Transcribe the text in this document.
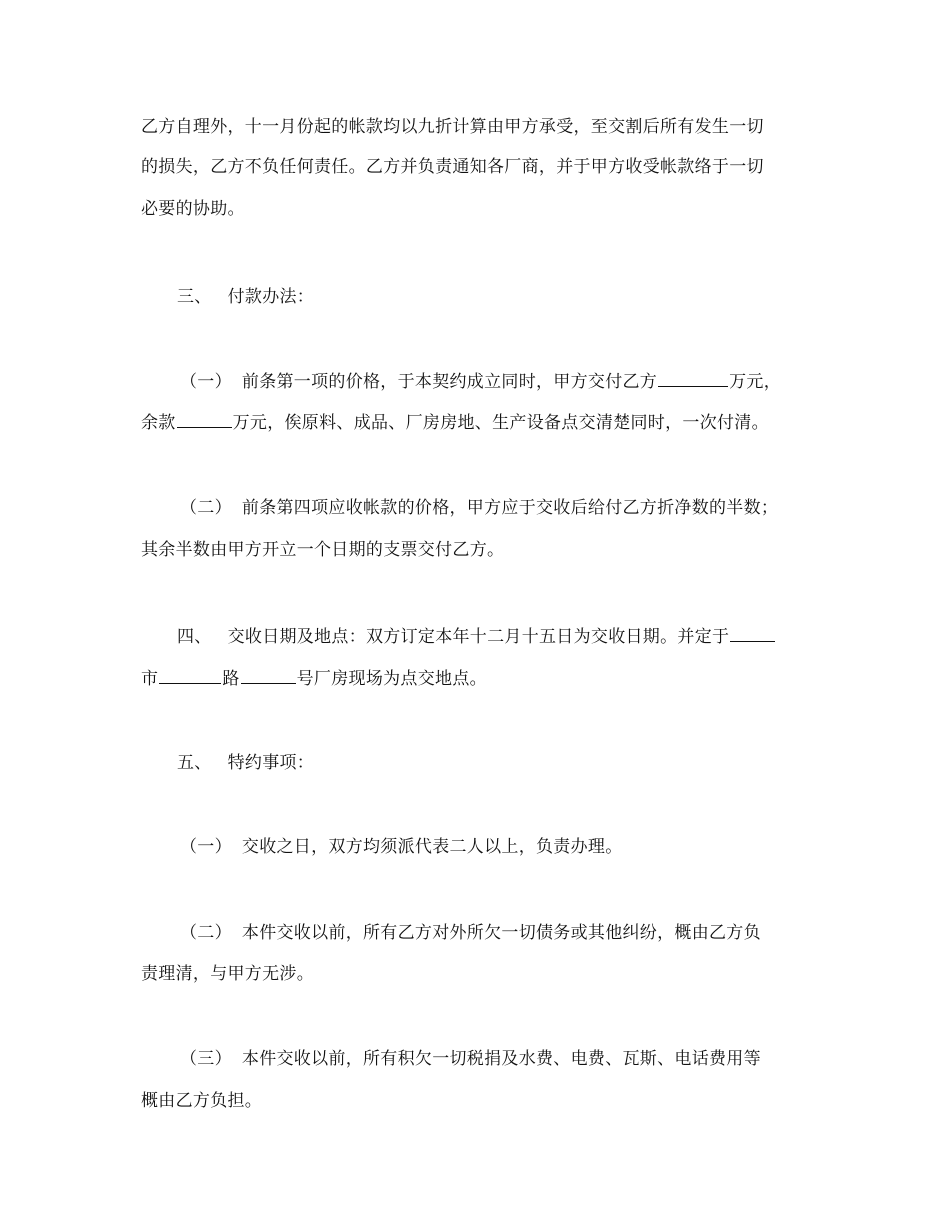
乙方自理外，十一月份起的帐款均以九折计算由甲方承受，至交割后所有发生一切
的损失，乙方不负任何责任。乙方并负责通知各厂商，并于甲方收受帐款络于一切
必要的协助。
三、 付款办法：
（一） 前条第一项的价格，于本契约成立同时，甲方交付乙方	万元，
余款	万元，俟原料、成品、厂房房地、生产设备点交清楚同时，一次付清。
（二） 前条第四项应收帐款的价格，甲方应于交收后给付乙方折净数的半数；
其余半数由甲方开立一个日期的支票交付乙方。
四、 交收日期及地点：双方订定本年十二月十五日为交收日期。并定于
市	路	号厂房现场为点交地点。
五、 特约事项：
（一） 交收之日，双方均须派代表二人以上，负责办理。
（二） 本件交收以前，所有乙方对外所欠一切债务或其他纠纷，概由乙方负
责理清，与甲方无涉。
（三） 本件交收以前，所有积欠一切税捐及水费、电费、瓦斯、电话费用等
概由乙方负担。
